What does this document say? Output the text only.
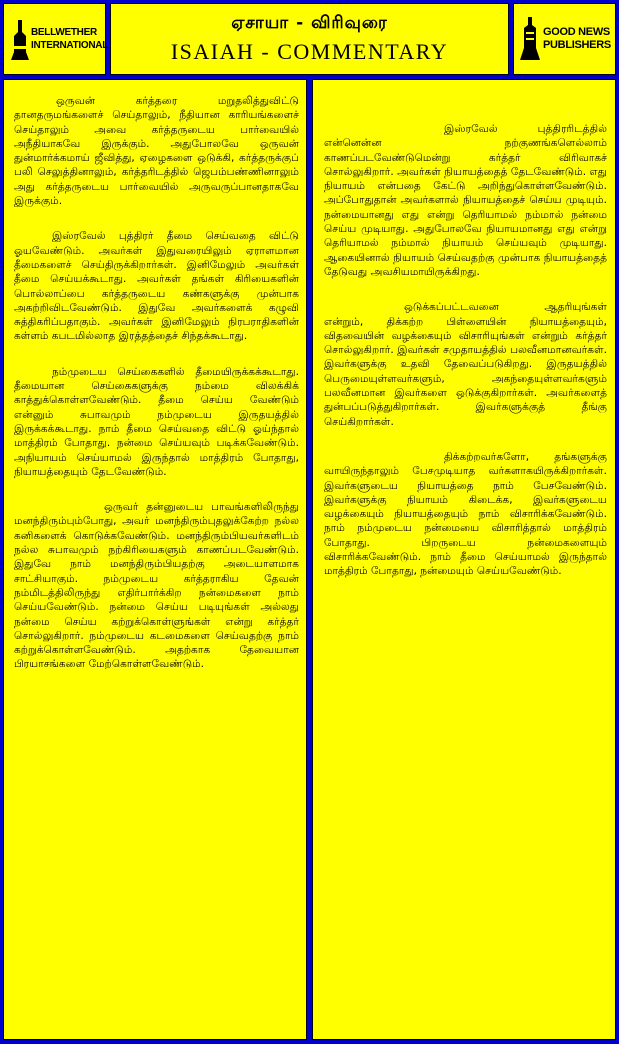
BELLWETHER
INTERNATIONAL
ஏசாயா - விரிவுரை
ISAIAH - COMMENTARY
GOOD NEWS
PUBLISHERS

ஒருவன் கர்த்தரை மறுதலித்துவிட்டு தானதருமங்களைச் செய்தாலும், நீதியான காரியங்களைச் செய்தாலும் அவை கர்த்தருடைய பார்வையில் அநீதியாகவே இருக்கும். அதுபோலவே ஒருவன் துன்மார்க்கமாய் ஜீவித்து, ஏழைகளை ஒடுக்கி, கர்த்தருக்குப் பலி செலுத்தினாலும், கர்த்தரிடத்தில் ஜெபம்பண்ணினாலும் அது கர்த்தருடைய பார்வையில் அருவருப்பானதாகவே இருக்கும்.

இஸ்ரவேல் புத்திரர் தீமை செய்வதை விட்டு ஓயவேண்டும். அவர்கள் இதுவரையிலும் ஏராளமான தீமைகளைச் செய்திருக்கிறார்கள். இனிமேலும் அவர்கள் தீமை செய்யக்கூடாது. அவர்கள் தங்கள் கிரியைகளின் பொல்லாப்பை கர்த்தருடைய கண்களுக்கு முன்பாக அகற்றிவிடவேண்டும். இதுவே அவர்களைக் கழுவி சுத்திகரிப்பதாகும். அவர்கள் இனிமேலும் நிரபராதிகளின் கள்ளம் கபடமில்லாத இரத்தத்தைச் சிந்தக்கூடாது.

நம்முடைய செய்கைகளில் தீமையிருக்கக்கூடாது. தீமையான செய்கைகளுக்கு நம்மை விலக்கிக் காத்துக்கொள்ளவேண்டும். தீமை செய்ய வேண்டும் என்னும் சுபாவமும் நம்முடைய இருதயத்தில் இருக்கக்கூடாது. நாம் தீமை செய்வதை விட்டு ஓய்ந்தால் மாத்திரம் போதாது. நன்மை செய்யவும் படிக்கவேண்டும். அநியாயம் செய்யாமல் இருந்தால் மாத்திரம் போதாது, நியாயத்தையும் தேடவேண்டும்.

ஒருவர் தன்னுடைய பாவங்களிலிருந்து மனந்திரும்பும்போது, அவர் மனந்திரும்புதலுக்கேற்ற நல்ல கனிகளைக் கொடுக்கவேண்டும். மனந்திரும்பியவர்களிடம் நல்ல சுபாவமும் நற்கிரியைகளும் காணப்படவேண்டும். இதுவே நாம் மனந்திரும்பியதற்கு அடையாளமாக சாட்சியாகும். நம்முடைய கர்த்தராகிய தேவன் நம்மிடத்திலிருந்து எதிர்பார்க்கிற நன்மைகளை நாம் செய்யவேண்டும். நன்மை செய்ய படியுங்கள் அல்லது நன்மை செய்ய கற்றுக்கொள்ளுங்கள் என்று கர்த்தர் சொல்லுகிறார். நம்முடைய கடமைகளை செய்வதற்கு நாம் கற்றுக்கொள்ளவேண்டும். அதற்காக தேவையான பிரயாசங்களை மேற்கொள்ளவேண்டும்.

இஸ்ரவேல் புத்திரரிடத்தில் என்னென்ன நற்குணங்களெல்லாம் காணப்படவேண்டுமென்று கர்த்தர் விரிவாகச் சொல்லுகிறார். அவர்கள் நியாயத்தைத் தேடவேண்டும். எது நியாயம் என்பதை கேட்டு அறிந்துகொள்ளவேண்டும். அப்போதுதான் அவர்களால் நியாயத்தைச் செய்ய முடியும். நன்மையானது எது என்று தெரியாமல் நம்மால் நன்மை செய்ய முடியாது. அதுபோலவே நியாயமானது எது என்று தெரியாமல் நம்மால் நியாயம் செய்யவும் முடியாது. ஆகையினால் நியாயம் செய்வதற்கு முன்பாக நியாயத்தைத் தேடுவது அவசியமாயிருக்கிறது.

ஒடுக்கப்பட்டவனை ஆதரியுங்கள் என்றும், திக்கற்ற பிள்ளையின் நியாயத்தையும், விதவையின் வழக்கையும் விசாரியுங்கள் என்றும் கர்த்தர் சொல்லுகிறார். இவர்கள் சமுதாயத்தில் பலவீனமானவர்கள். இவர்களுக்கு உதவி தேவைப்படுகிறது. இருதயத்தில் பெருமையுள்ளவர்களும், அகந்தையுள்ளவர்களும் பலவீனமான இவர்களை ஒடுக்குகிறார்கள். அவர்களைத் துன்பப்படுத்துகிறார்கள். இவர்களுக்குத் தீங்கு செய்கிறார்கள்.

திக்கற்றவர்களோ, தங்களுக்கு வாயிருந்தாலும் பேசமுடியாத வர்களாகயிருக்கிறார்கள். இவர்களுடைய நியாயத்தை நாம் பேசவேண்டும். இவர்களுக்கு நியாயம் கிடைக்க, இவர்களுடைய வழக்கையும் நியாயத்தையும் நாம் விசாரிக்கவேண்டும். நாம் நம்முடைய நன்மையை விசாரித்தால் மாத்திரம் போதாது. பிறருடைய நன்மைகளையும் விசாரிக்கவேண்டும். நாம் தீமை செய்யாமல் இருந்தால் மாத்திரம் போதாது, நன்மையும் செய்யவேண்டும்.
